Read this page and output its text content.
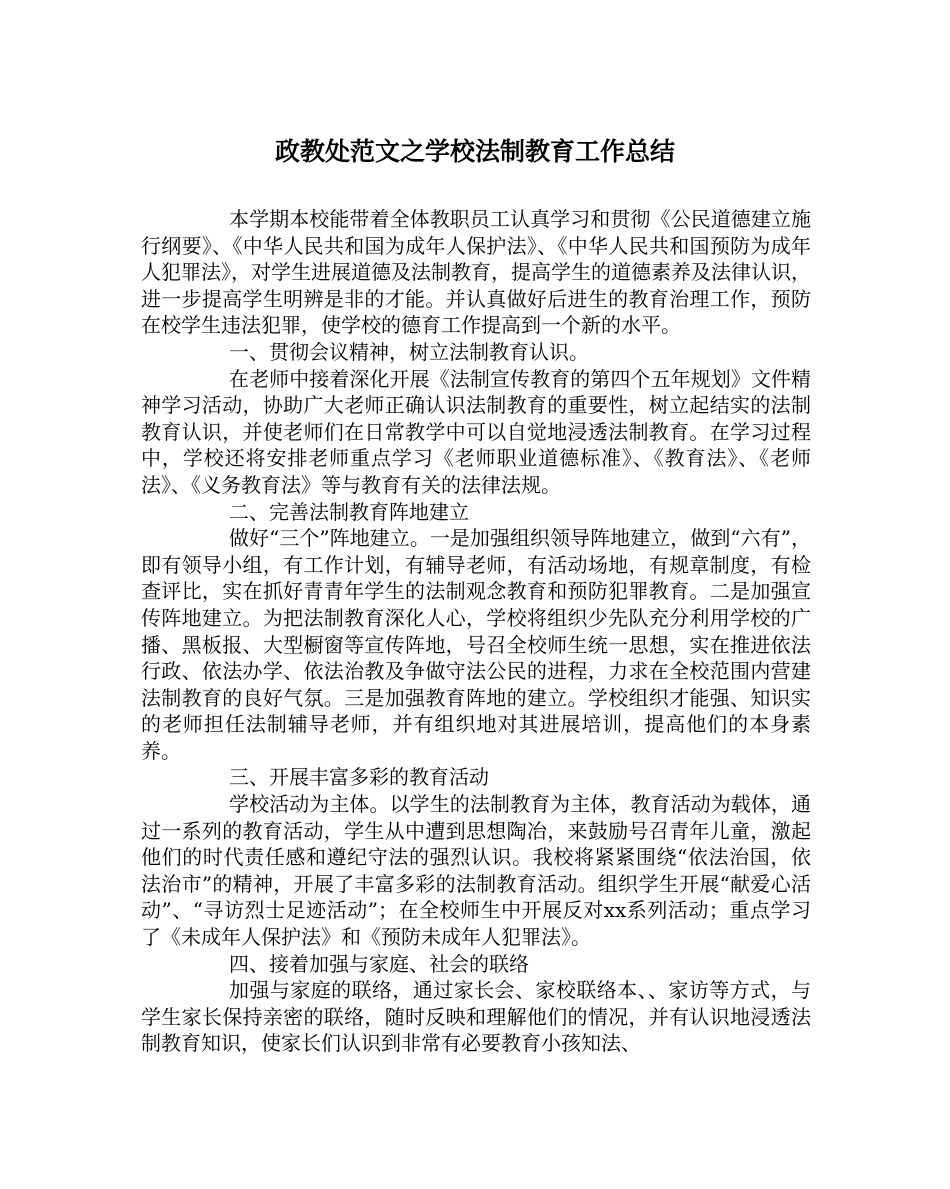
政教处范文之学校法制教育工作总结

本学期本校能带着全体教职员工认真学习和贯彻《公民道德建立施行纲要》、《中华人民共和国为成年人保护法》、《中华人民共和国预防为成年人犯罪法》，对学生进展道德及法制教育，提高学生的道德素养及法律认识，进一步提高学生明辨是非的才能。并认真做好后进生的教育治理工作，预防在校学生违法犯罪，使学校的德育工作提高到一个新的水平。

一、贯彻会议精神，树立法制教育认识。

在老师中接着深化开展《法制宣传教育的第四个五年规划》文件精神学习活动，协助广大老师正确认识法制教育的重要性，树立起结实的法制教育认识，并使老师们在日常教学中可以自觉地浸透法制教育。在学习过程中，学校还将安排老师重点学习《老师职业道德标准》、《教育法》、《老师法》、《义务教育法》等与教育有关的法律法规。

二、完善法制教育阵地建立

做好“三个”阵地建立。一是加强组织领导阵地建立，做到“六有”，即有领导小组，有工作计划，有辅导老师，有活动场地，有规章制度，有检查评比，实在抓好青青年学生的法制观念教育和预防犯罪教育。二是加强宣传阵地建立。为把法制教育深化人心，学校将组织少先队充分利用学校的广播、黑板报、大型橱窗等宣传阵地，号召全校师生统一思想，实在推进依法行政、依法办学、依法治教及争做守法公民的进程，力求在全校范围内营建法制教育的良好气氛。三是加强教育阵地的建立。学校组织才能强、知识实的老师担任法制辅导老师，并有组织地对其进展培训，提高他们的本身素养。

三、开展丰富多彩的教育活动

学校活动为主体。以学生的法制教育为主体，教育活动为载体，通过一系列的教育活动，学生从中遭到思想陶冶，来鼓励号召青年儿童，激起他们的时代责任感和遵纪守法的强烈认识。我校将紧紧围绕“依法治国，依法治市”的精神，开展了丰富多彩的法制教育活动。组织学生开展“献爱心活动”、“寻访烈士足迹活动”；在全校师生中开展反对xx系列活动；重点学习了《未成年人保护法》和《预防未成年人犯罪法》。

四、接着加强与家庭、社会的联络

加强与家庭的联络，通过家长会、家校联络本、、家访等方式，与学生家长保持亲密的联络，随时反映和理解他们的情况，并有认识地浸透法制教育知识，使家长们认识到非常有必要教育小孩知法、
